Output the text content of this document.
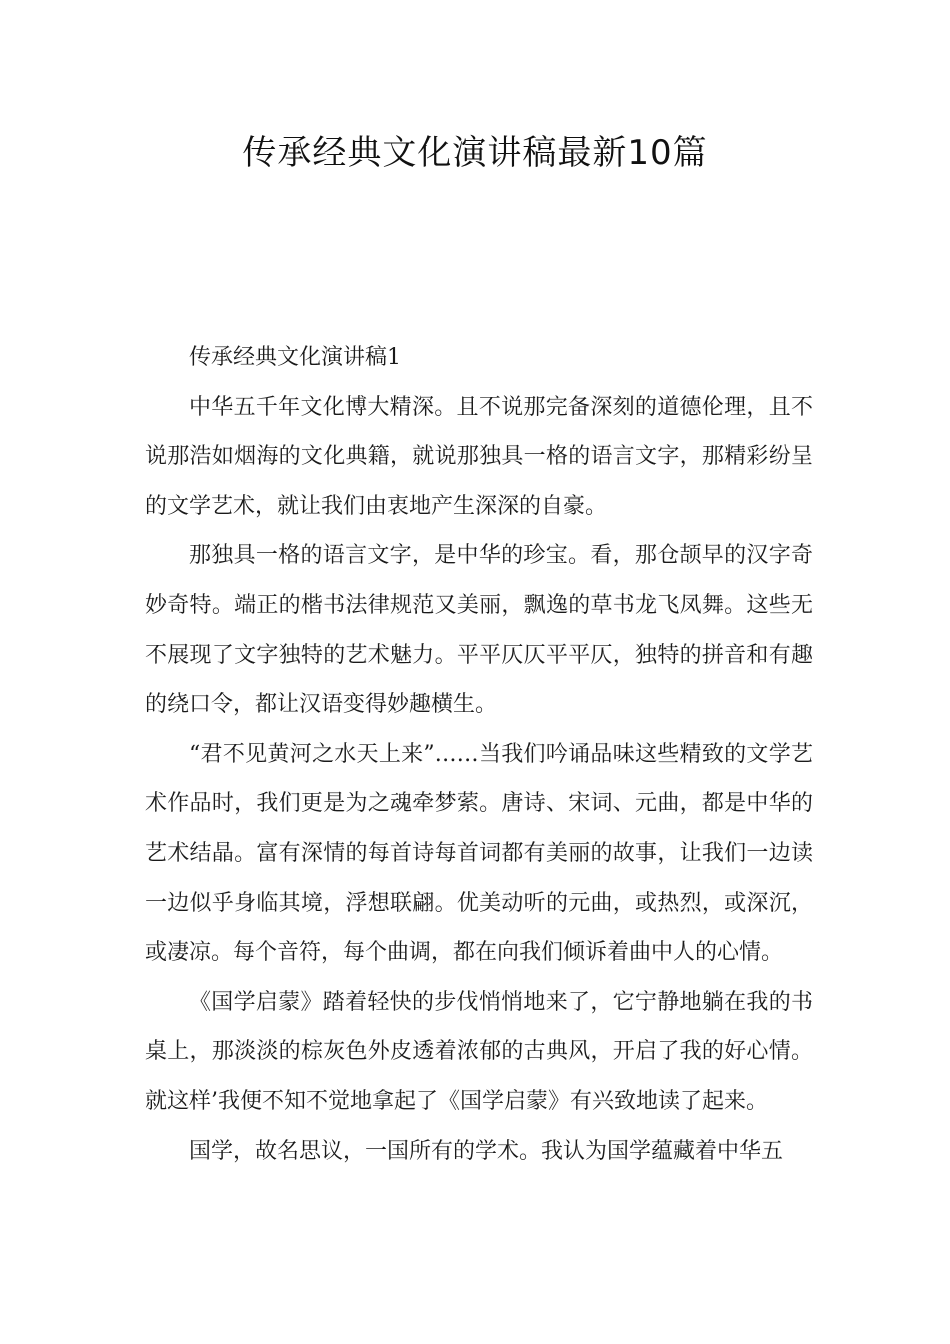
传承经典文化演讲稿最新10篇

传承经典文化演讲稿1

中华五千年文化博大精深。且不说那完备深刻的道德伦理，且不说那浩如烟海的文化典籍，就说那独具一格的语言文字，那精彩纷呈的文学艺术，就让我们由衷地产生深深的自豪。

那独具一格的语言文字，是中华的珍宝。看，那仓颉早的汉字奇妙奇特。端正的楷书法律规范又美丽，飘逸的草书龙飞凤舞。这些无不展现了文字独特的艺术魅力。平平仄仄平平仄，独特的拼音和有趣的绕口令，都让汉语变得妙趣横生。

“君不见黄河之水天上来”……当我们吟诵品味这些精致的文学艺术作品时，我们更是为之魂牵梦萦。唐诗、宋词、元曲，都是中华的艺术结晶。富有深情的每首诗每首词都有美丽的故事，让我们一边读一边似乎身临其境，浮想联翩。优美动听的元曲，或热烈，或深沉，或凄凉。每个音符，每个曲调，都在向我们倾诉着曲中人的心情。

《国学启蒙》踏着轻快的步伐悄悄地来了，它宁静地躺在我的书桌上，那淡淡的棕灰色外皮透着浓郁的古典风，开启了我的好心情。就这样’我便不知不觉地拿起了《国学启蒙》有兴致地读了起来。

国学，故名思议，一国所有的学术。我认为国学蕴藏着中华五
